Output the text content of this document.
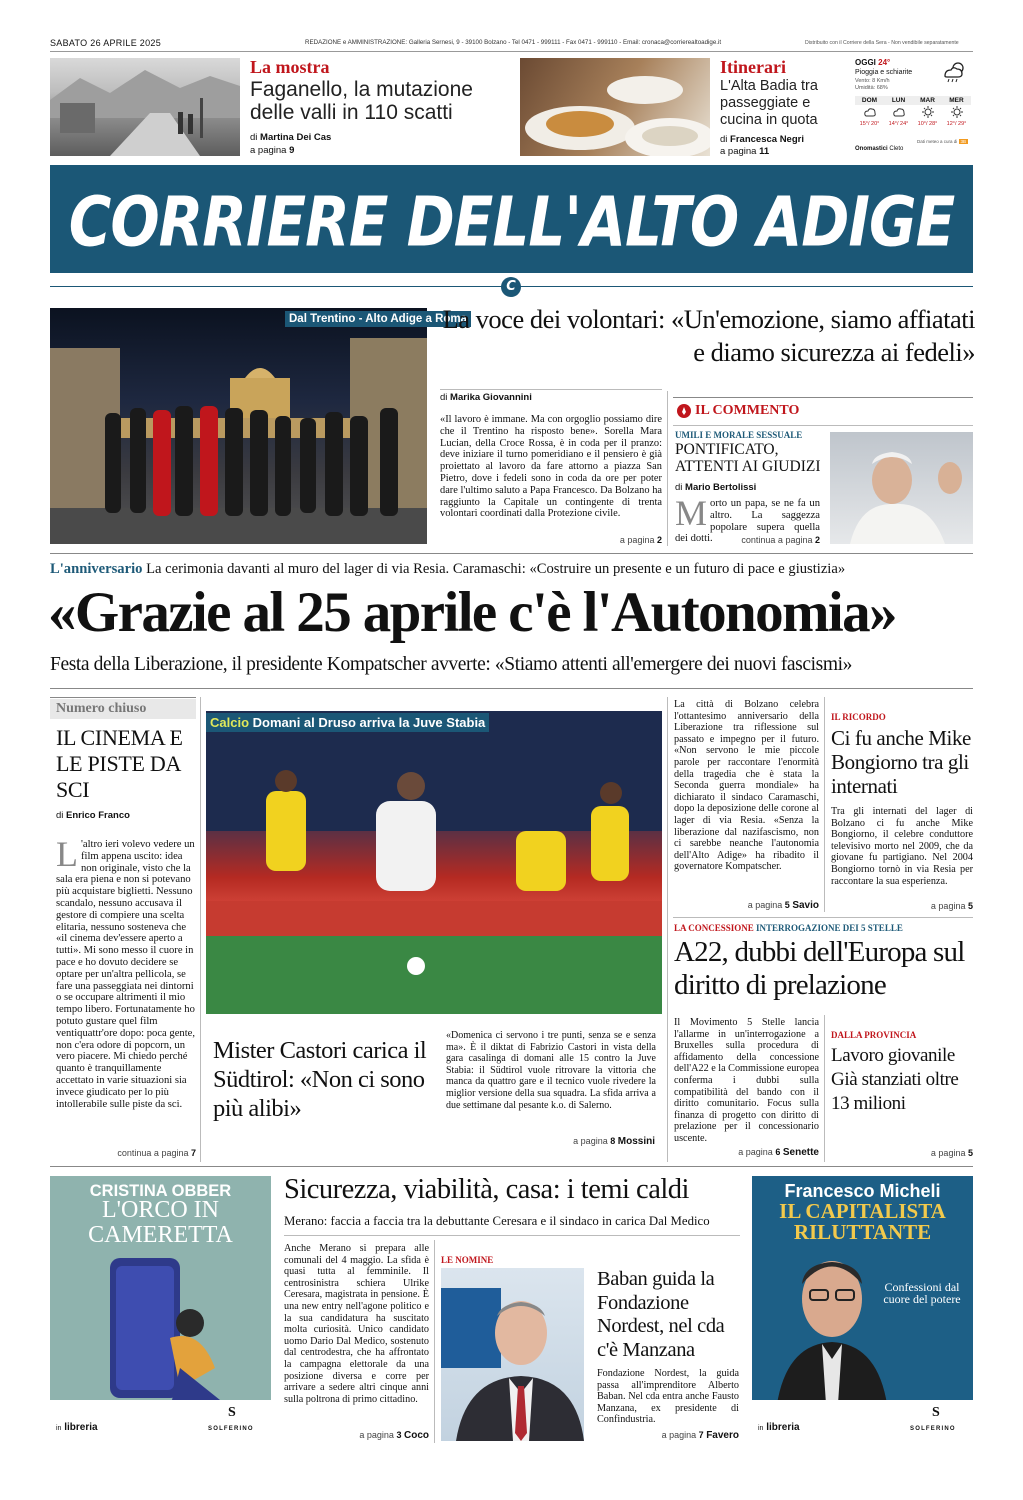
SABATO 26 APRILE 2025	REDAZIONE e AMMINISTRAZIONE: Galleria Sernesi, 9 - 39100 Bolzano - Tel 0471 - 999111 - Fax 0471 - 999110 - Email: cronaca@corrierealtoadige.it	Distribuito con il Corriere della Sera - Non vendibile separatamente
La mostra
Faganello, la mutazione delle valli in 110 scatti
di Martina Dei Cas
a pagina 9
Itinerari
L'Alta Badia tra passeggiate e cucina in quota
di Francesca Negri
a pagina 11
OGGI 24°
Pioggia e schiarite
Vento: 8 Km/h
Umidità: 68%
DOM
15°/ 20°
LUN
14°/ 24°
MAR
10°/ 28°
MER
12°/ 29°
Dati meteo a cura di 3B
Onomastici Cleto
CORRIERE DELL'ALTO ADIGE
C
Dal Trentino - Alto Adige a Roma
La voce dei volontari: «Un'emozione, siamo affiatati e diamo sicurezza ai fedeli»
di Marika Giovannini
«Il lavoro è immane. Ma con orgoglio possiamo dire che il Trentino ha risposto bene». Sorella Mara Lucian, della Croce Rossa, è in coda per il pranzo: deve iniziare il turno pomeridiano e il pensiero è già proiettato al lavoro da fare attorno a piazza San Pietro, dove i fedeli sono in coda da ore per poter dare l'ultimo saluto a Papa Francesco. Da Bolzano ha raggiunto la Capitale un contingente di trenta volontari coordinati dalla Protezione civile.
a pagina 2
IL COMMENTO
UMILI E MORALE SESSUALE
PONTIFICATO, ATTENTI AI GIUDIZI
di Mario Bertolissi
Morto un papa, se ne fa un altro. La saggezza popolare supera quella dei dotti.	continua a pagina 2
L'anniversario La cerimonia davanti al muro del lager di via Resia. Caramaschi: «Costruire un presente e un futuro di pace e giustizia»
«Grazie al 25 aprile c'è l'Autonomia»
Festa della Liberazione, il presidente Kompatscher avverte: «Stiamo attenti all'emergere dei nuovi fascismi»
Numero chiuso
IL CINEMA E LE PISTE DA SCI
di Enrico Franco
L 'altro ieri volevo vedere un film appena uscito: idea non originale, visto che la sala era piena e non si potevano più acquistare biglietti. Nessuno scandalo, nessuno accusava il gestore di compiere una scelta elitaria, nessuno sosteneva che «il cinema dev'essere aperto a tutti». Mi sono messo il cuore in pace e ho dovuto decidere se optare per un'altra pellicola, se fare una passeggiata nei dintorni o se occupare altrimenti il mio tempo libero. Fortunatamente ho potuto gustare quel film ventiquattr'ore dopo: poca gente, non c'era odore di popcorn, un vero piacere. Mi chiedo perché quanto è tranquillamente accettato in varie situazioni sia invece giudicato per lo più intollerabile sulle piste da sci.
continua a pagina 7
Calcio Domani al Druso arriva la Juve Stabia
Mister Castori carica il Südtirol: «Non ci sono più alibi»
«Domenica ci servono i tre punti, senza se e senza ma». È il diktat di Fabrizio Castori in vista della gara casalinga di domani alle 15 contro la Juve Stabia: il Südtirol vuole ritrovare la vittoria che manca da quattro gare e il tecnico vuole rivedere la miglior versione della sua squadra. La sfida arriva a due settimane dal pesante k.o. di Salerno.
a pagina 8 Mossini
La città di Bolzano celebra l'ottantesimo anniversario della Liberazione tra riflessione sul passato e impegno per il futuro. «Non servono le mie piccole parole per raccontare l'enormità della tragedia che è stata la Seconda guerra mondiale» ha dichiarato il sindaco Caramaschi, dopo la deposizione delle corone al lager di via Resia. «Senza la liberazione dal nazifascismo, non ci sarebbe neanche l'autonomia dell'Alto Adige» ha ribadito il governatore Kompatscher.
a pagina 5 Savio
IL RICORDO
Ci fu anche Mike Bongiorno tra gli internati
Tra gli internati del lager di Bolzano ci fu anche Mike Bongiorno, il celebre conduttore televisivo morto nel 2009, che da giovane fu partigiano. Nel 2004 Bongiorno tornò in via Resia per raccontare la sua esperienza.
a pagina 5
LA CONCESSIONE INTERROGAZIONE DEI 5 STELLE
A22, dubbi dell'Europa sul diritto di prelazione
Il Movimento 5 Stelle lancia l'allarme in un'interrogazione a Bruxelles sulla procedura di affidamento della concessione dell'A22 e la Commissione europea conferma i dubbi sulla compatibilità del bando con il diritto comunitario. Focus sulla finanza di progetto con diritto di prelazione per il concessionario uscente.
a pagina 6 Senette
DALLA PROVINCIA
Lavoro giovanile Già stanziati oltre 13 milioni
a pagina 5
CRISTINA OBBER
L'ORCO IN CAMERETTA
in libreria
S
SOLFERINO
Sicurezza, viabilità, casa: i temi caldi
Merano: faccia a faccia tra la debuttante Ceresara e il sindaco in carica Dal Medico
Anche Merano si prepara alle comunali del 4 maggio. La sfida è quasi tutta al femminile. Il centrosinistra schiera Ulrike Ceresara, magistrata in pensione. È una new entry nell'agone politico e la sua candidatura ha suscitato molta curiosità. Unico candidato uomo Dario Dal Medico, sostenuto dal centrodestra, che ha affrontato la campagna elettorale da una posizione diversa e corre per arrivare a sedere altri cinque anni sulla poltrona di primo cittadino.
a pagina 3 Coco
LE NOMINE
Baban guida la Fondazione Nordest, nel cda c'è Manzana
Fondazione Nordest, la guida passa all'imprenditore Alberto Baban. Nel cda entra anche Fausto Manzana, ex presidente di Confindustria.
a pagina 7 Favero
Francesco Micheli
IL CAPITALISTA RILUTTANTE
Confessioni dal cuore del potere
in libreria
S
SOLFERINO
